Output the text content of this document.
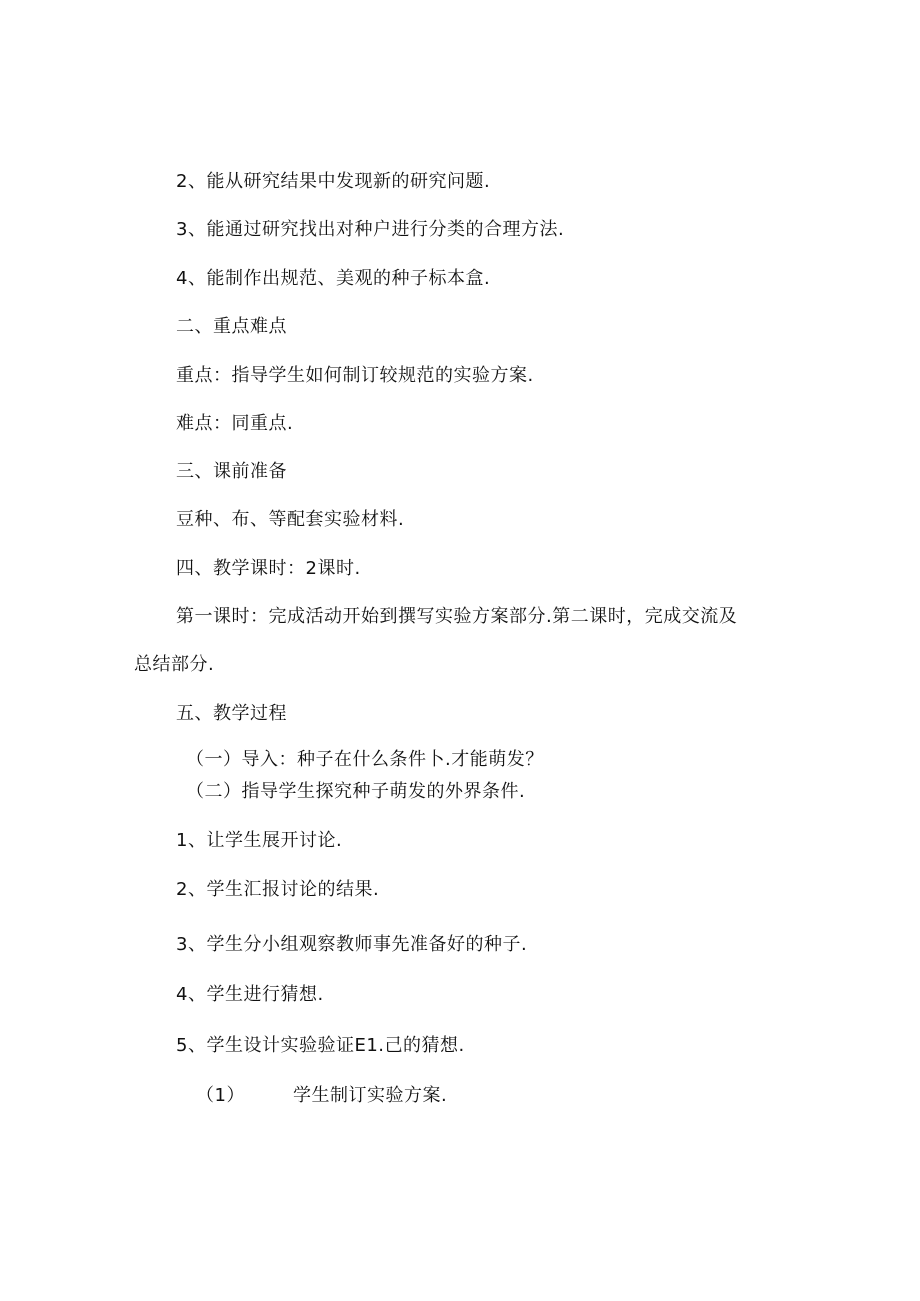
2、能从研究结果中发现新的研究问题.
3、能通过研究找出对种户进行分类的合理方法.
4、能制作出规范、美观的种子标本盒.
二、重点难点
重点：指导学生如何制订较规范的实验方案.
难点：同重点.
三、课前准备
豆种、布、等配套实验材料.
四、教学课时：2课时.
第一课时：完成活动开始到撰写实验方案部分.第二课时，完成交流及
总结部分.
五、教学过程
（一）导入：种子在什么条件卜.才能萌发？
（二）指导学生探究种子萌发的外界条件.
1、让学生展开讨论.
2、学生汇报讨论的结果.
3、学生分小组观察教师事先准备好的种子.
4、学生进行猜想.
5、学生设计实验验证E1.己的猜想.
（1）	学生制订实验方案.
